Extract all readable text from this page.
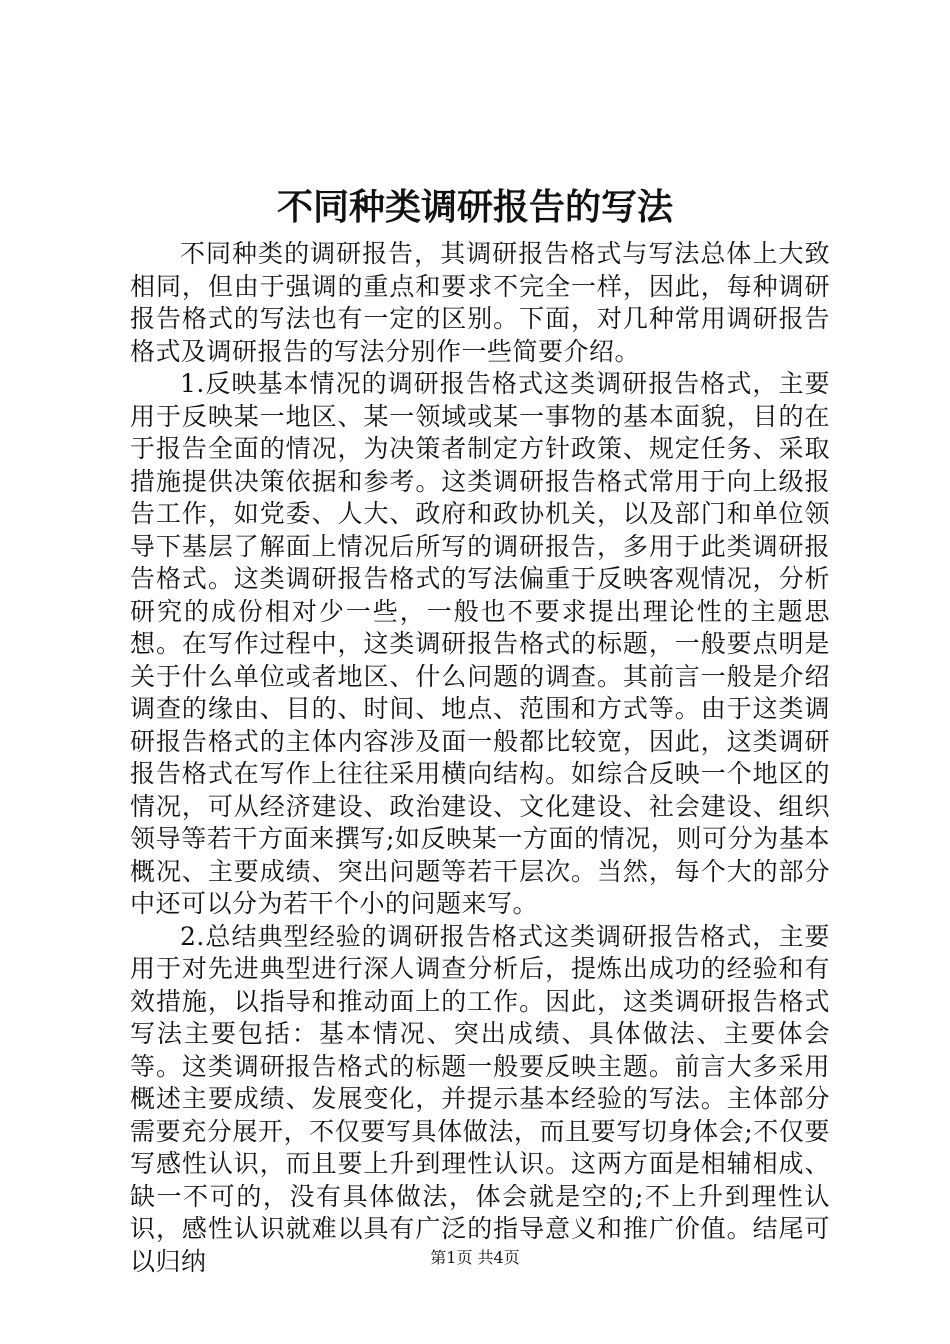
不同种类调研报告的写法

不同种类的调研报告，其调研报告格式与写法总体上大致相同，但由于强调的重点和要求不完全一样，因此，每种调研报告格式的写法也有一定的区别。下面，对几种常用调研报告格式及调研报告的写法分别作一些简要介绍。

1.反映基本情况的调研报告格式这类调研报告格式，主要用于反映某一地区、某一领域或某一事物的基本面貌，目的在于报告全面的情况，为决策者制定方针政策、规定任务、采取措施提供决策依据和参考。这类调研报告格式常用于向上级报告工作，如党委、人大、政府和政协机关，以及部门和单位领导下基层了解面上情况后所写的调研报告，多用于此类调研报告格式。这类调研报告格式的写法偏重于反映客观情况，分析研究的成份相对少一些，一般也不要求提出理论性的主题思想。在写作过程中，这类调研报告格式的标题，一般要点明是关于什么单位或者地区、什么问题的调查。其前言一般是介绍调查的缘由、目的、时间、地点、范围和方式等。由于这类调研报告格式的主体内容涉及面一般都比较宽，因此，这类调研报告格式在写作上往往采用横向结构。如综合反映一个地区的情况，可从经济建设、政治建设、文化建设、社会建设、组织领导等若干方面来撰写;如反映某一方面的情况，则可分为基本概况、主要成绩、突出问题等若干层次。当然，每个大的部分中还可以分为若干个小的问题来写。

2.总结典型经验的调研报告格式这类调研报告格式，主要用于对先进典型进行深人调查分析后，提炼出成功的经验和有效措施，以指导和推动面上的工作。因此，这类调研报告格式写法主要包括：基本情况、突出成绩、具体做法、主要体会等。这类调研报告格式的标题一般要反映主题。前言大多采用概述主要成绩、发展变化，并提示基本经验的写法。主体部分需要充分展开，不仅要写具体做法，而且要写切身体会;不仅要写感性认识，而且要上升到理性认识。这两方面是相辅相成、缺一不可的，没有具体做法，体会就是空的;不上升到理性认识，感性认识就难以具有广泛的指导意义和推广价值。结尾可以归纳	第1页 共4页
